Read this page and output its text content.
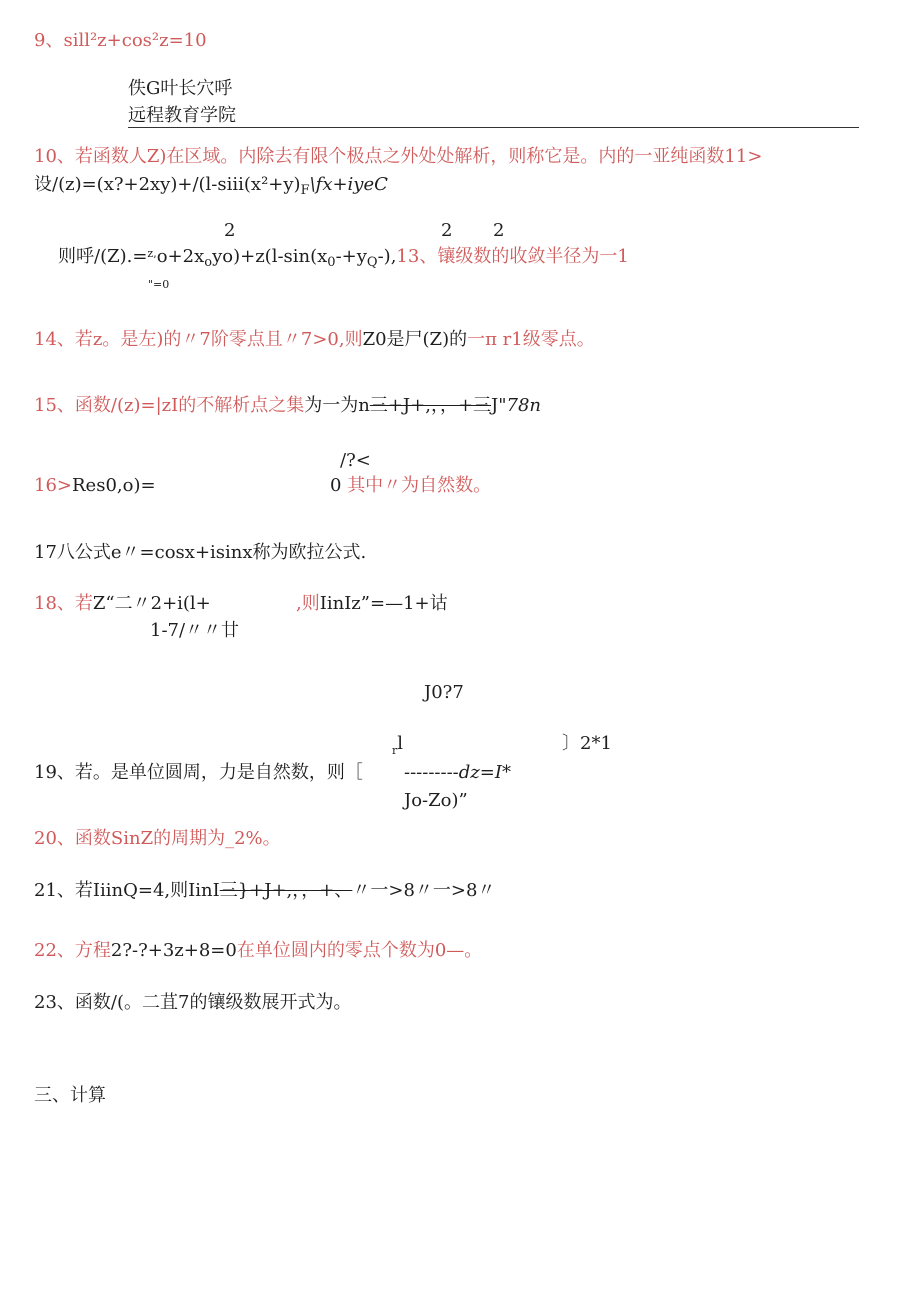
9、sill²z+cos²z=10
佚G叶长穴呼
远程教育学院
10、若函数人Z)在区域。内除去有限个极点之外处处解析，则称它是。内的一亚纯函数11>
设$/(z)=(x?+2xy)+/(l-siii(x^2+y)_F\backslash fx+iyeC$
2	2 2
则呼$/(Z).=^{z,}o+2x_oyo)+z(l-\sin(x_0-+y_Q-),13$、镶级数的收敛半径为一1
"=0
14、若z。是左)的〃7阶零点且〃7>0,则Z0是尸(Z)的一π r1级零点。
15、函数/(z)=|zI的不解析点之集为一为n三+J+,，，+三J"78n
/?<
16>Res0,o)=	0 其中〃为自然数。
17八公式e〃=cosx+isinx称为欧拉公式.
18、若Z“二〃2+i(l+	,则IinIz”=—1+诂
1-7/〃〃廿
J0?7
$_r$l	〕2*1
19、若。是单位圆周，力是自然数，则［ ---------dz=I*
Jo-Zo)”
20、函数SinZ的周期为_2%。
21、若IiinQ=4,则IinI三}+J+,，，+、〃一>8〃一>8〃
22、方程2?-?+3z+8=0在单位圆内的零点个数为0—。
23、函数/(。二苴7的镶级数展开式为。
三、计算
